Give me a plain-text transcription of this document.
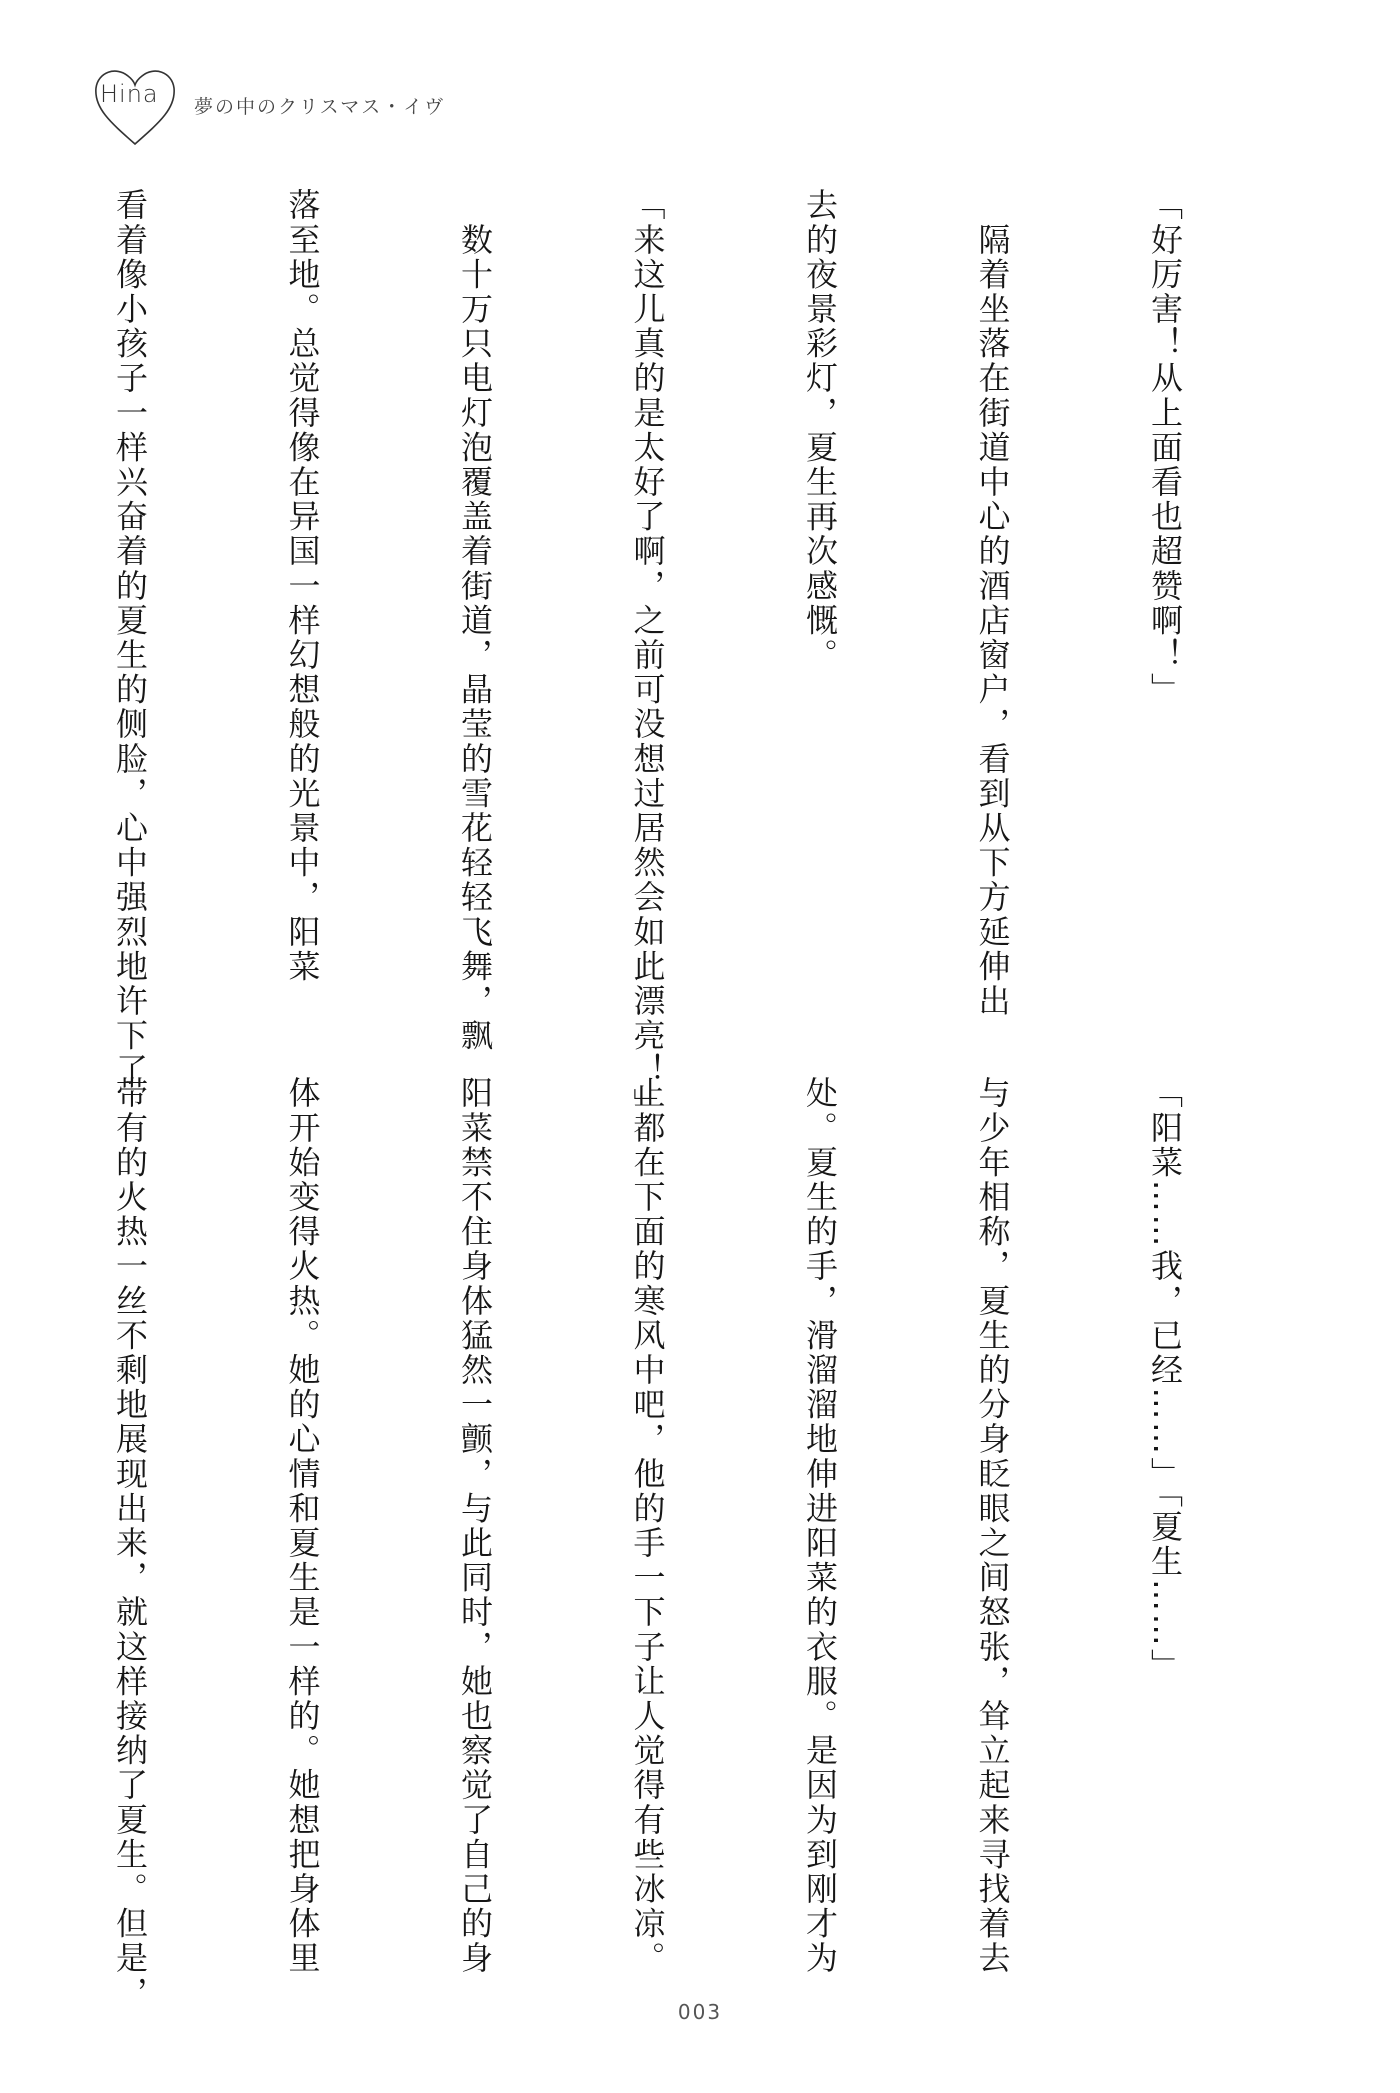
Hina 夢の中のクリスマス・イヴ

「好厉害！从上面看也超赞啊！」

　隔着坐落在街道中心的酒店窗户，看到从下方延伸出

去的夜景彩灯，夏生再次感慨。

「来这儿真的是太好了啊，之前可没想过居然会如此漂亮！」

　数十万只电灯泡覆盖着街道，晶莹的雪花轻轻飞舞，飘

落至地。总觉得像在异国一样幻想般的光景中，阳菜

看着像小孩子一样兴奋着的夏生的侧脸，心中强烈地许下了

「阳菜……我，已经……」「夏生……」

与少年相称，夏生的分身眨眼之间怒张，耸立起来寻找着去

处。夏生的手，滑溜溜地伸进阳菜的衣服。是因为到刚才为

止都在下面的寒风中吧，他的手一下子让人觉得有些冰凉。

阳菜禁不住身体猛然一颤，与此同时，她也察觉了自己的身

体开始变得火热。她的心情和夏生是一样的。她想把身体里

带有的火热一丝不剩地展现出来，就这样接纳了夏生。但是，

003
